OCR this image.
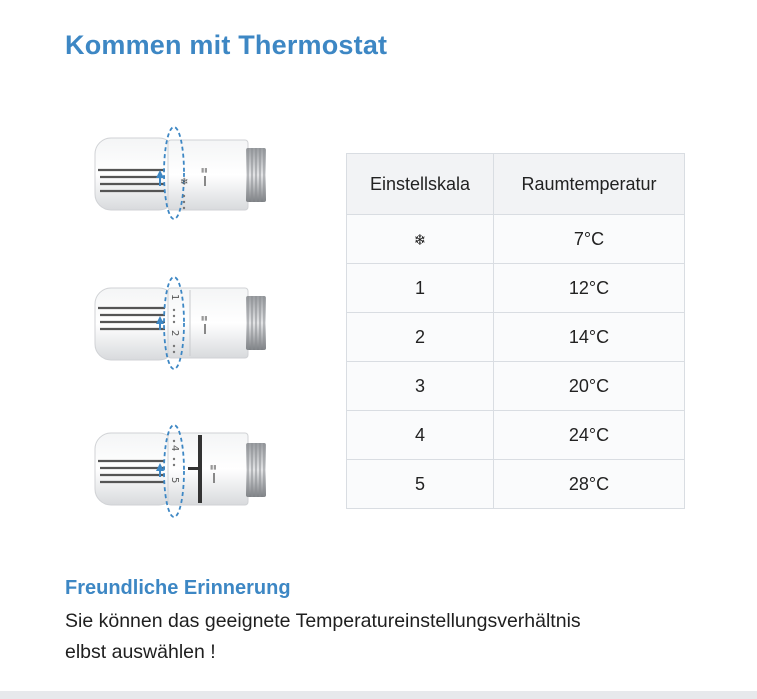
Kommen mit Thermostat
❄
▮▮
1
2
▮▮
4
5
▮▮
Einstellskala	Raumtemperatur
❄	7°C
1	12°C
2	14°C
3	20°C
4	24°C
5	28°C
Freundliche Erinnerung
Sie können das geeignete Temperatureinstellungsverhältnis
elbst auswählen !
